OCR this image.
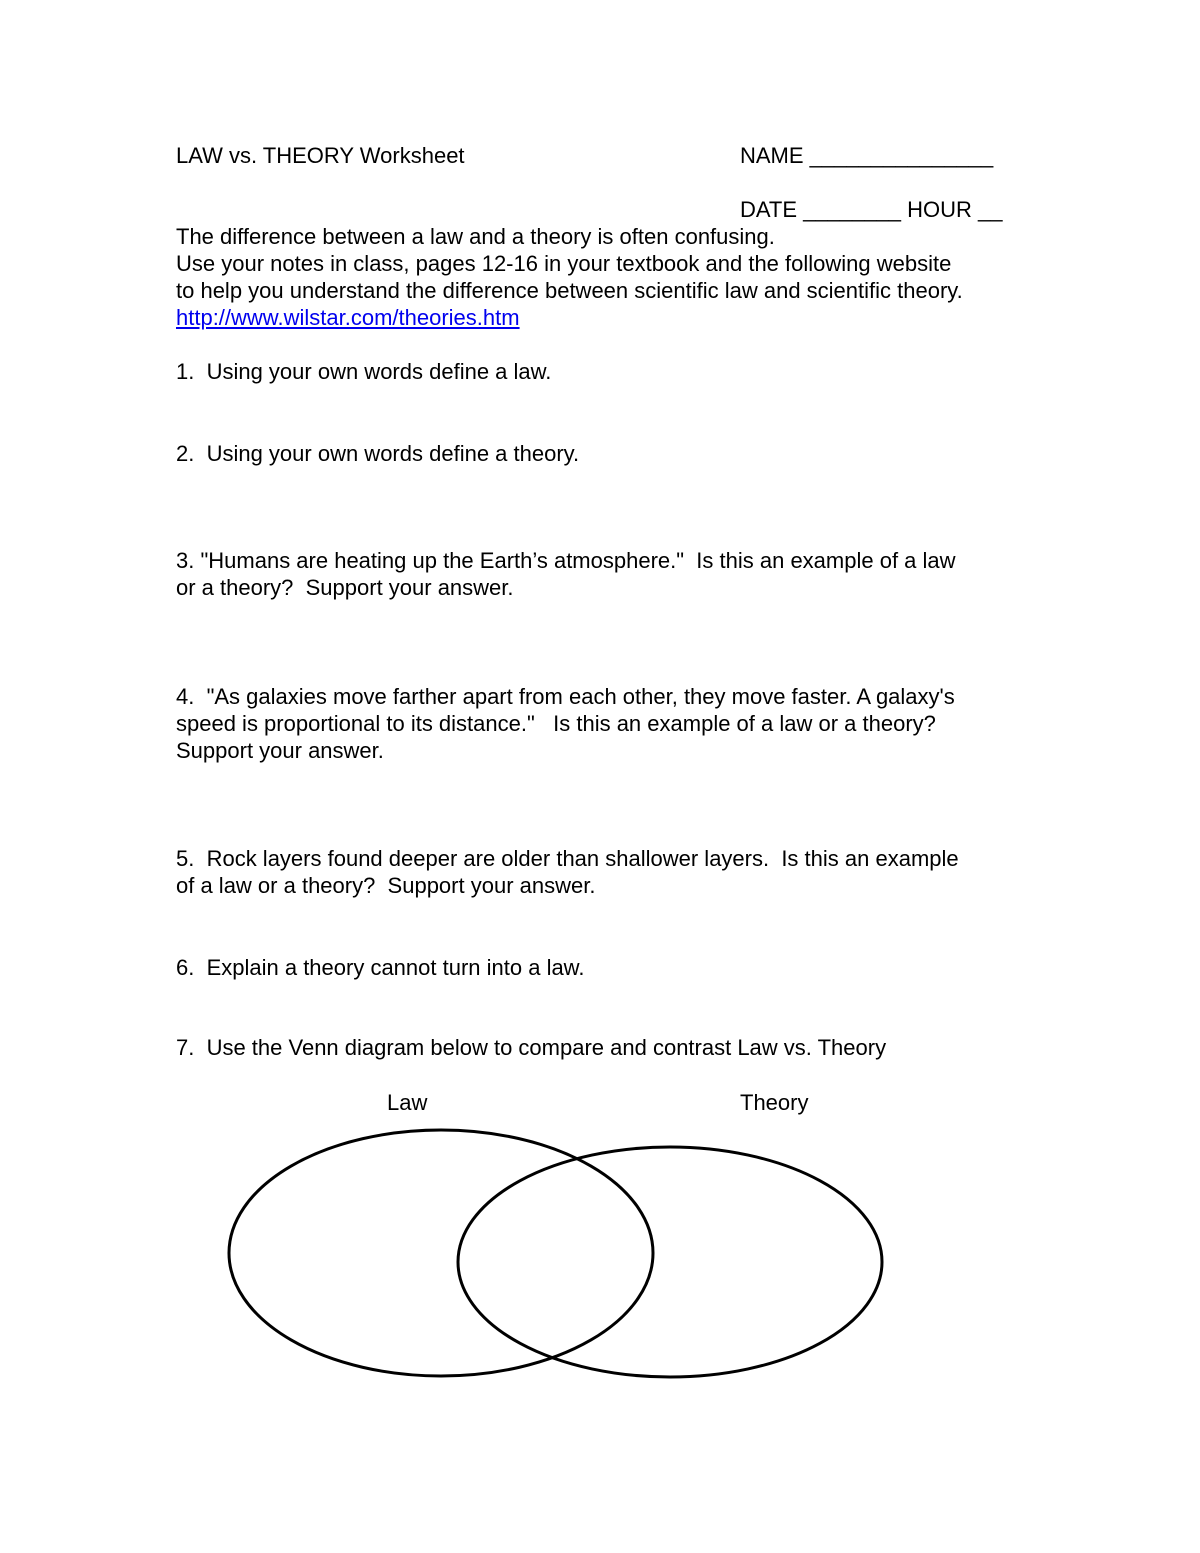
LAW vs. THEORY Worksheet	NAME _______________
DATE ________ HOUR __
The difference between a law and a theory is often confusing.
Use your notes in class, pages 12-16 in your textbook and the following website
to help you understand the difference between scientific law and scientific theory.
http://www.wilstar.com/theories.htm
1.  Using your own words define a law.
2.  Using your own words define a theory.
3. "Humans are heating up the Earth’s atmosphere."  Is this an example of a law
or a theory?  Support your answer.
4.  "As galaxies move farther apart from each other, they move faster. A galaxy's
speed is proportional to its distance."   Is this an example of a law or a theory?
Support your answer.
5.  Rock layers found deeper are older than shallower layers.  Is this an example
of a law or a theory?  Support your answer.
6.  Explain a theory cannot turn into a law.
7.  Use the Venn diagram below to compare and contrast Law vs. Theory
Law	Theory
